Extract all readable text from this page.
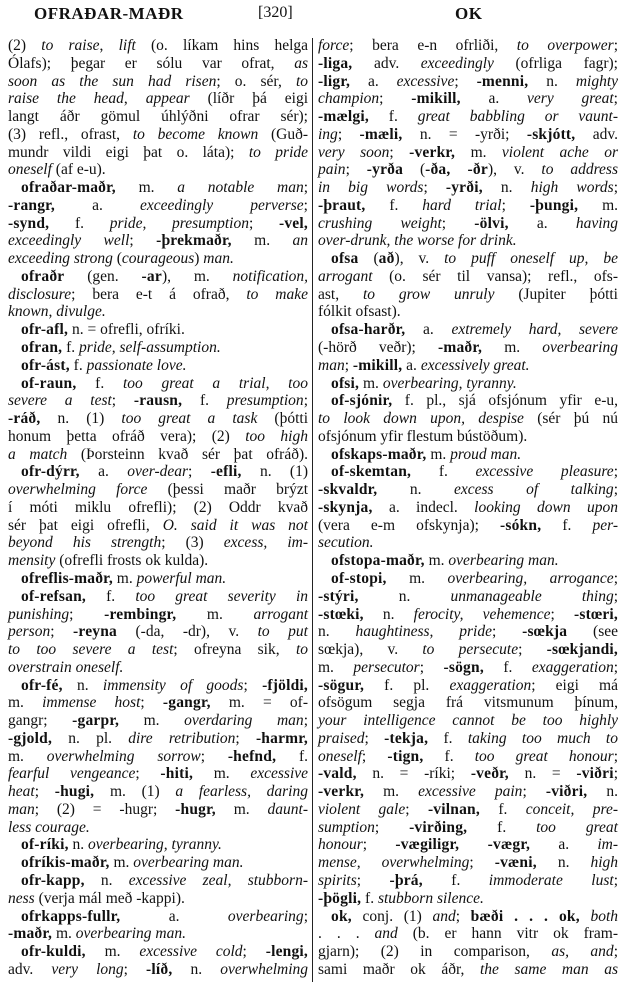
OFRAÐAR-MAÐR	[320]	OK
(2) to raise, lift (o. líkam hins helga
Ólafs); þegar er sólu var ofrat, as
soon as the sun had risen; o. sér, to
raise the head, appear (líðr þá eigi
langt áðr gömul úhlýðni ofrar sér);
(3) refl., ofrast, to become known (Guð-
mundr vildi eigi þat o. láta); to pride
oneself (af e-u).
ofraðar-maðr, m. a notable man;
-rangr, a. exceedingly perverse;
-synd, f. pride, presumption; -vel,
exceedingly well; -þrekmaðr, m. an
exceeding strong (courageous) man.
ofraðr (gen. -ar), m. notification,
disclosure; bera e-t á ofrað, to make
known, divulge.
ofr-afl, n. = ofrefli, ofríki.
ofran, f. pride, self-assumption.
ofr-ást, f. passionate love.
of-raun, f. too great a trial, too
severe a test; -rausn, f. presumption;
-ráð, n. (1) too great a task (þótti
honum þetta ofráð vera); (2) too high
a match (Þorsteinn kvað sér þat ofráð).
ofr-dýrr, a. over-dear; -efli, n. (1)
overwhelming force (þessi maðr brýzt
í móti miklu ofrefli); (2) Oddr kvað
sér þat eigi ofrefli, O. said it was not
beyond his strength; (3) excess, im-
mensity (ofrefli frosts ok kulda).
ofreflis-maðr, m. powerful man.
of-refsan, f. too great severity in
punishing; -rembingr, m. arrogant
person; -reyna (-da, -dr), v. to put
to too severe a test; ofreyna sik, to
overstrain oneself.
ofr-fé, n. immensity of goods; -fjöldi,
m. immense host; -gangr, m. = of-
gangr; -garpr, m. overdaring man;
-gjold, n. pl. dire retribution; -harmr,
m. overwhelming sorrow; -hefnd, f.
fearful vengeance; -hiti, m. excessive
heat; -hugi, m. (1) a fearless, daring
man; (2) = -hugr; -hugr, m. daunt-
less courage.
of-ríki, n. overbearing, tyranny.
ofríkis-maðr, m. overbearing man.
ofr-kapp, n. excessive zeal, stubborn-
ness (verja mál með -kappi).
ofrkapps-fullr, a. overbearing;
-maðr, m. overbearing man.
ofr-kuldi, m. excessive cold; -lengi,
adv. very long; -líð, n. overwhelming
force; bera e-n ofrliði, to overpower;
-liga, adv. exceedingly (ofrliga fagr);
-ligr, a. excessive; -menni, n. mighty
champion; -mikill, a. very great;
-mælgi, f. great babbling or vaunt-
ing; -mæli, n. = -yrði; -skjótt, adv.
very soon; -verkr, m. violent ache or
pain; -yrða (-ða, -ðr), v. to address
in big words; -yrði, n. high words;
-þraut, f. hard trial; -þungi, m.
crushing weight; -ölvi, a. having
over-drunk, the worse for drink.
ofsa (að), v. to puff oneself up, be
arrogant (o. sér til vansa); refl., ofs-
ast, to grow unruly (Jupiter þótti
fólkit ofsast).
ofsa-harðr, a. extremely hard, severe
(-hörð veðr); -maðr, m. overbearing
man; -mikill, a. excessively great.
ofsi, m. overbearing, tyranny.
of-sjónir, f. pl., sjá ofsjónum yfir e-u,
to look down upon, despise (sér þú nú
ofsjónum yfir flestum bústöðum).
ofskaps-maðr, m. proud man.
of-skemtan, f. excessive pleasure;
-skvaldr, n. excess of talking;
-skynja, a. indecl. looking down upon
(vera e-m ofskynja); -sókn, f. per-
secution.
ofstopa-maðr, m. overbearing man.
of-stopi, m. overbearing, arrogance;
-stýri, n. unmanageable thing;
-stœki, n. ferocity, vehemence; -stœri,
n. haughtiness, pride; -sœkja (see
sœkja), v. to persecute; -sœkjandi,
m. persecutor; -sögn, f. exaggeration;
-sögur, f. pl. exaggeration; eigi má
ofsögum segja frá vitsmunum þínum,
your intelligence cannot be too highly
praised; -tekja, f. taking too much to
oneself; -tign, f. too great honour;
-vald, n. = -ríki; -veðr, n. = -viðri;
-verkr, m. excessive pain; -viðri, n.
violent gale; -vilnan, f. conceit, pre-
sumption; -virðing, f. too great
honour; -vægiligr, -vægr, a. im-
mense, overwhelming; -væni, n. high
spirits; -þrá, f. immoderate lust;
-þögli, f. stubborn silence.
ok, conj. (1) and; bæði . . . ok, both
. . . and (b. er hann vitr ok fram-
gjarn); (2) in comparison, as, and;
sami maðr ok áðr, the same man as
